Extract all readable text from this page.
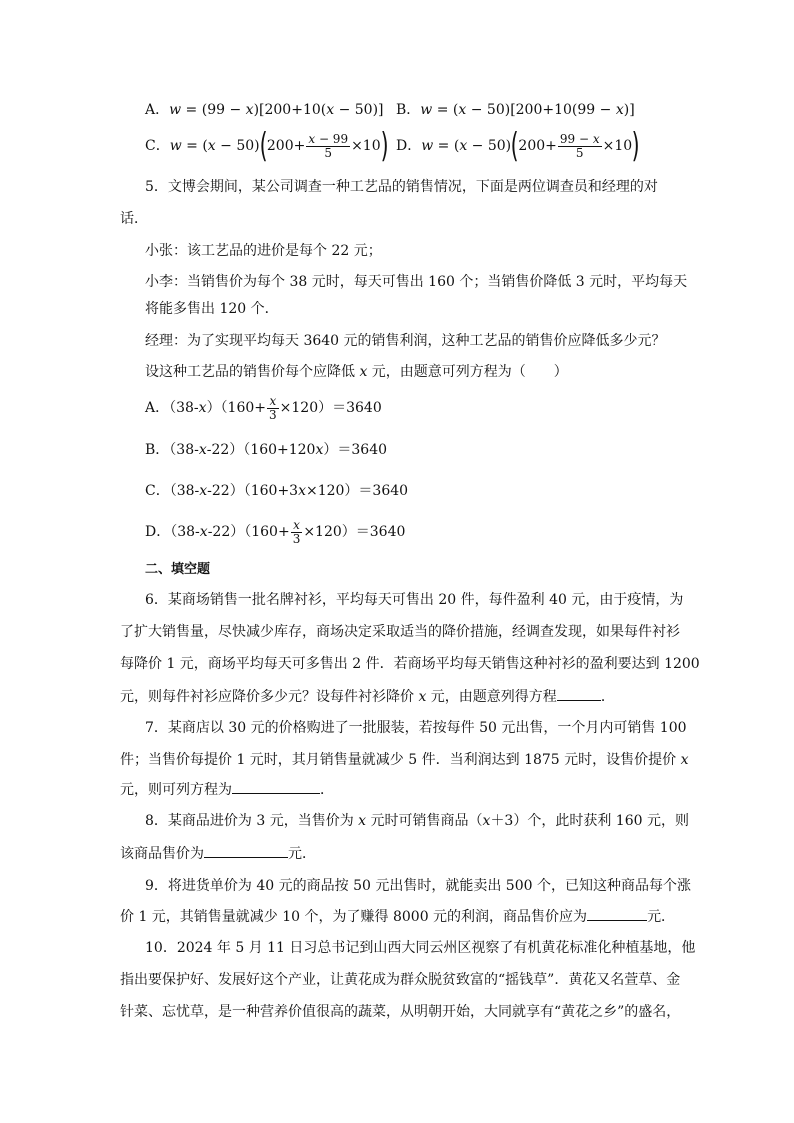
A．w = (99 − x)[200+10(x − 50)] B．w = (x − 50)[200+10(99 − x)]
C．$w = (x - 50)(200+ \frac{x - 99}{5} \times 10)$ D．$w = (x - 50)(200+ \frac{99 - x}{5} \times 10)$
5．文博会期间，某公司调查一种工艺品的销售情况，下面是两位调查员和经理的对
话．
小张：该工艺品的进价是每个 22 元；
小李：当销售价为每个 38 元时，每天可售出 160 个；当销售价降低 3 元时，平均每天
将能多售出 120 个．
经理：为了实现平均每天 3640 元的销售利润，这种工艺品的销售价应降低多少元？
设这种工艺品的销售价每个应降低 x 元，由题意可列方程为（　　）
A．$(38-x)(160+ \frac{x}{3} \times 120)=3640$
B．（38-x-22）（160+120x）＝3640
C．（38-x-22）（160+3x×120）＝3640
D．$(38-x-22)(160+ \frac{x}{3} \times 120)=3640$
二、填空题
6．某商场销售一批名牌衬衫，平均每天可售出 20 件，每件盈利 40 元，由于疫情，为
了扩大销售量，尽快减少库存，商场决定采取适当的降价措施，经调查发现，如果每件衬衫
每降价 1 元，商场平均每天可多售出 2 件．若商场平均每天销售这种衬衫的盈利要达到 1200
元，则每件衬衫应降价多少元？设每件衬衫降价 x 元，由题意列得方程	．
7．某商店以 30 元的价格购进了一批服装，若按每件 50 元出售，一个月内可销售 100
件；当售价每提价 1 元时，其月销售量就减少 5 件．当利润达到 1875 元时，设售价提价 x
元，则可列方程为	．
8．某商品进价为 3 元，当售价为 x 元时可销售商品（x＋3）个，此时获利 160 元，则
该商品售价为	元．
9．将进货单价为 40 元的商品按 50 元出售时，就能卖出 500 个，已知这种商品每个涨
价 1 元，其销售量就减少 10 个，为了赚得 8000 元的利润，商品售价应为	元．
10．2024 年 5 月 11 日习总书记到山西大同云州区视察了有机黄花标准化种植基地，他
指出要保护好、发展好这个产业，让黄花成为群众脱贫致富的“摇钱草”．黄花又名萱草、金
针菜、忘忧草，是一种营养价值很高的蔬菜，从明朝开始，大同就享有“黄花之乡”的盛名，
